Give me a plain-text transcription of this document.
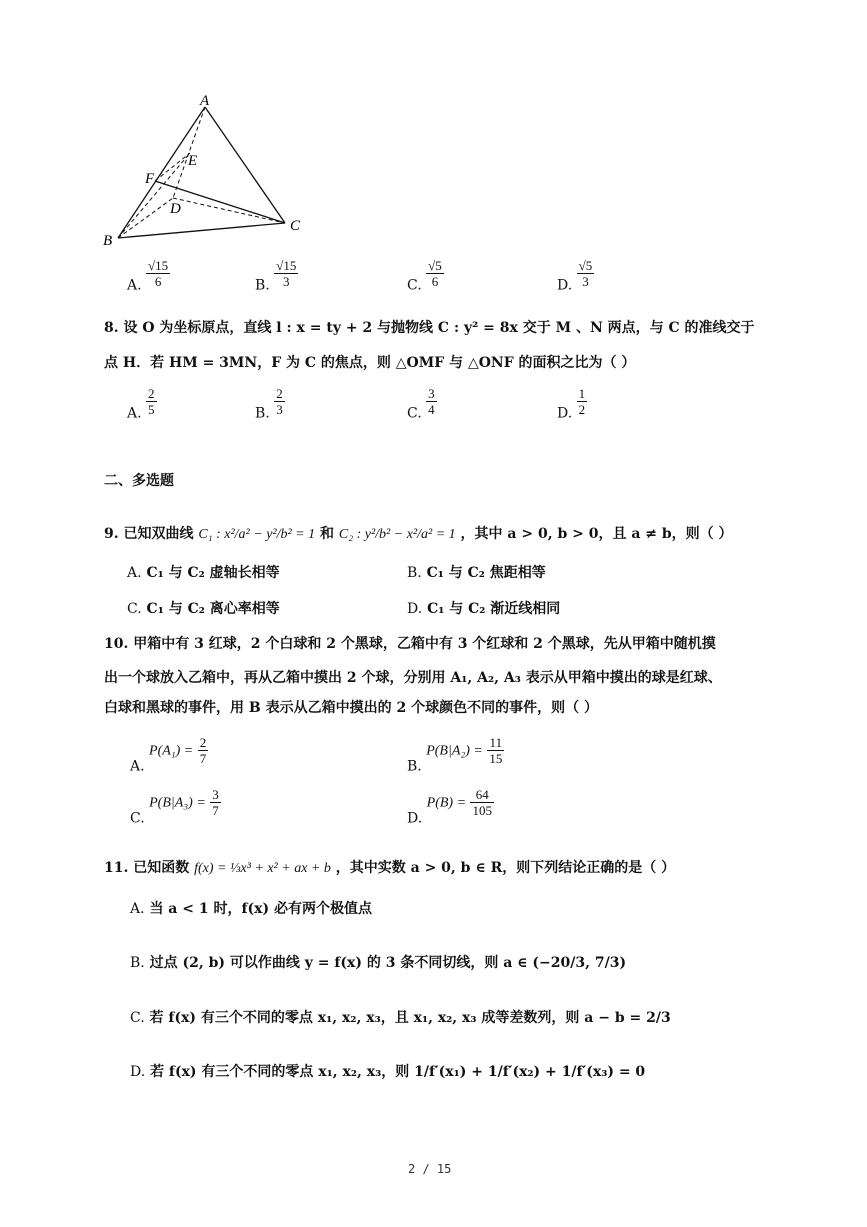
A
E
F
D
B
C
A. $\frac{√15}{6}$	B. $\frac{√15}{3}$	C. $\frac{√5}{6}$	D. $\frac{√5}{3}$
8. 设 O 为坐标原点，直线 l : x = ty + 2 与抛物线 C : y² = 8x 交于 M 、N 两点，与 C 的准线交于
点 H．若 HM = 3MN，F 为 C 的焦点，则 △OMF 与 △ONF 的面积之比为（ ）
A. $\frac{2}{5}$	B. $\frac{2}{3}$	C. $\frac{3}{4}$	D. $\frac{1}{2}$
二、多选题
9. 已知双曲线 C₁ : x²/a² − y²/b² = 1 和 C₂ : y²/b² − x²/a² = 1 ，其中 a > 0, b > 0，且 a ≠ b，则（ ）
A. C₁ 与 C₂ 虚轴长相等	B. C₁ 与 C₂ 焦距相等
C. C₁ 与 C₂ 离心率相等	D. C₁ 与 C₂ 渐近线相同
10. 甲箱中有 3 红球，2 个白球和 2 个黑球，乙箱中有 3 个红球和 2 个黑球，先从甲箱中随机摸
出一个球放入乙箱中，再从乙箱中摸出 2 个球，分别用 A₁, A₂, A₃ 表示从甲箱中摸出的球是红球、
白球和黑球的事件，用 B 表示从乙箱中摸出的 2 个球颜色不同的事件，则（ ）
A. $P(A_1) = \frac{2}{7}$
B. $P(B|A_2) = \frac{11}{15}$
C. $P(B|A_3) = \frac{3}{7}$
D. $P(B) = \frac{64}{105}$
11. 已知函数 f(x) = ⅓x³ + x² + ax + b ，其中实数 a > 0, b ∈ R，则下列结论正确的是（ ）
A. 当 a < 1 时，f(x) 必有两个极值点
B. 过点 (2, b) 可以作曲线 y = f(x) 的 3 条不同切线，则 a ∈ (−20/3, 7/3)
C. 若 f(x) 有三个不同的零点 x₁, x₂, x₃，且 x₁, x₂, x₃ 成等差数列，则 a − b = 2/3
D. 若 f(x) 有三个不同的零点 x₁, x₂, x₃，则 1/f′(x₁) + 1/f′(x₂) + 1/f′(x₃) = 0
2 / 15
